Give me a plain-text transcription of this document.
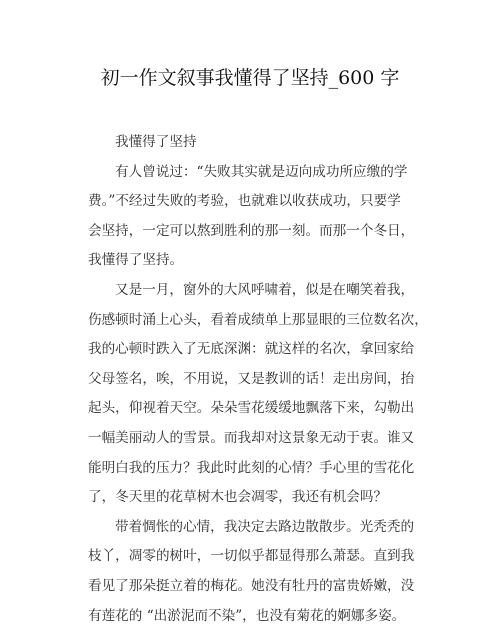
初一作文叙事我懂得了坚持_600 字
我懂得了坚持
有人曾说过：“失败其实就是迈向成功所应缴的学
费。”不经过失败的考验，也就难以收获成功，只要学
会坚持，一定可以熬到胜利的那一刻。而那一个冬日，
我懂得了坚持。
又是一月，窗外的大风呼啸着，似是在嘲笑着我，
伤感顿时涌上心头，看着成绩单上那显眼的三位数名次，
我的心顿时跌入了无底深渊：就这样的名次，拿回家给
父母签名，唉，不用说，又是教训的话！走出房间，抬
起头，仰视着天空。朵朵雪花缓缓地飘落下来，勾勒出
一幅美丽动人的雪景。而我却对这景象无动于衷。谁又
能明白我的压力？我此时此刻的心情？手心里的雪花化
了，冬天里的花草树木也会凋零，我还有机会吗？
带着惆怅的心情，我决定去路边散散步。光秃秃的
枝丫，凋零的树叶，一切似乎都显得那么萧瑟。直到我
看见了那朵挺立着的梅花。她没有牡丹的富贵娇嫩，没
有莲花的 “出淤泥而不染”，也没有菊花的婀娜多姿。
